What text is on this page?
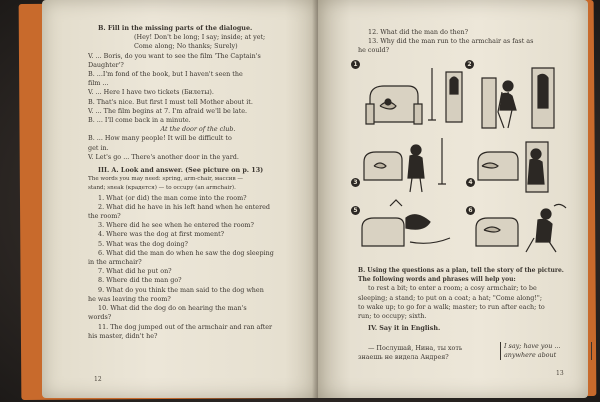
B. Fill in the missing parts of the dialogue.
(Hey! Don't be long; I say; inside; at yet;
Come along; No thanks; Surely)
V. ... Boris, do you want to see the film 'The Captain's
Daughter'?
B. ...I'm fond of the book, but I haven't seen the
film ...
V. ... Here I have two tickets (Билеты).
B. That's nice. But first I must tell Mother about it.
V. ... The film begins at 7. I'm afraid we'll be late.
B. ... I'll come back in a minute.
At the door of the club.
B. ... How many people! It will be difficult to
get in.
V. Let's go ... There's another door in the yard.
III. A. Look and answer. (See picture on p. 13)
The words you may need: spring, arm-chair, массив —
stand; sneak (крадется) — to occupy (an armchair).
1. What (or did) the man come into the room?
2. What did he have in his left hand when he entered
the room?
3. Where did he see when he entered the room?
4. Where was the dog at first moment?
5. What was the dog doing?
6. What did the man do when he saw the dog sleeping
in the armchair?
7. What did he put on?
8. Where did the man go?
9. What do you think the man said to the dog when
he was leaving the room?
10. What did the dog do on hearing the man's
words?
11. The dog jumped out of the armchair and ran after
his master, didn't he?
12
12. What did the man do then?
13. Why did the man run to the armchair as fast as
he could?
1	2
3	4
5	6
B. Using the questions as a plan, tell the story of the picture.
The following words and phrases will help you:
to rest a bit; to enter a room; a cosy armchair; to be
sleeping; a stand; to put on a coat; a hat; "Come along!";
to wake up; to go for a walk; master; to run after each; to
run; to occupy; sixth.
IV. Say it in English.
— Послушай, Нина, ты хоть
знаешь не видела Андрея?
I say; have you ...
anywhere about
13
